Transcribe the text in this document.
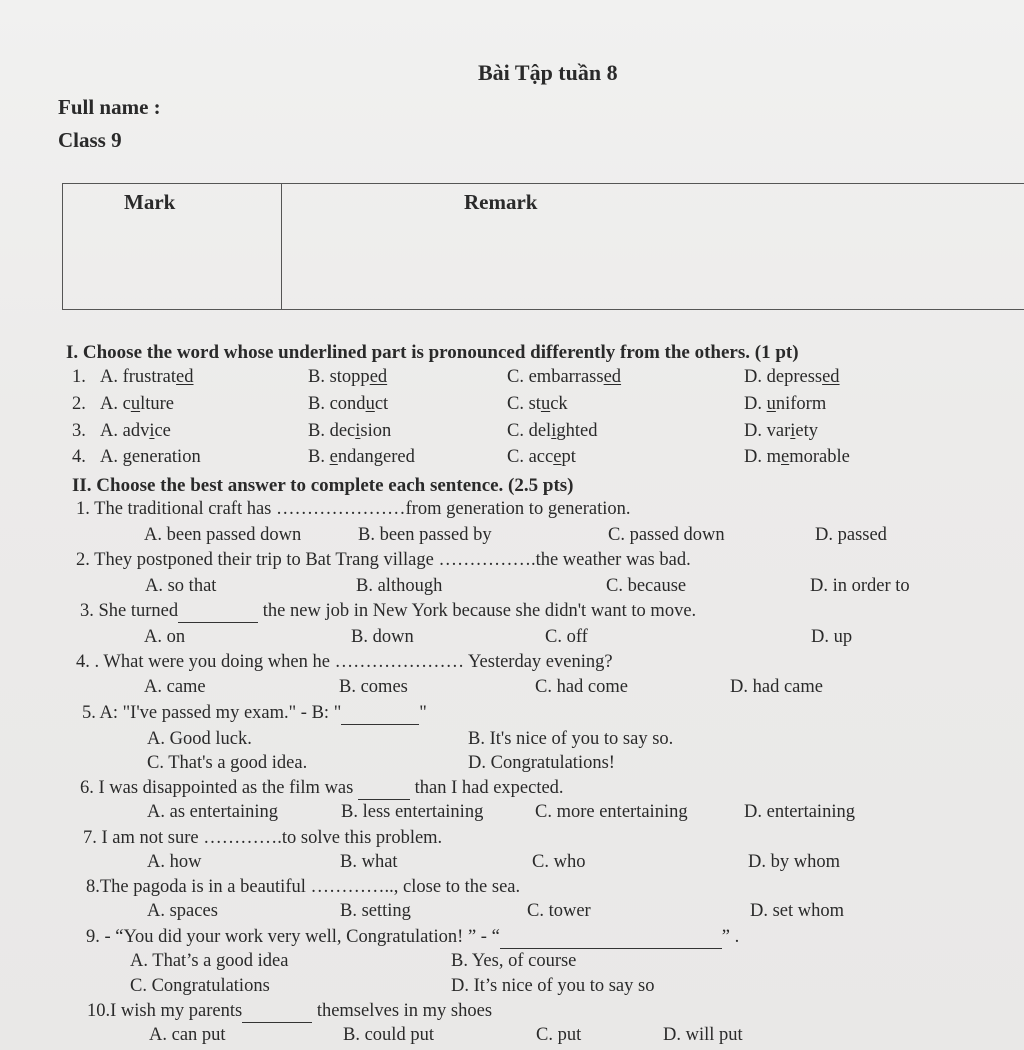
Bài Tập tuần 8
Full name :
Class 9
Mark	Remark
I. Choose the word whose underlined part is pronounced differently from the others. (1 pt)
1. A. frustrated	B. stopped	C. embarrassed	D. depressed
2. A. culture	B. conduct	C. stuck	D. uniform
3. A. advice	B. decision	C. delighted	D. variety
4. A. generation	B. endangered	C. accept	D. memorable
II. Choose the best answer to complete each sentence. (2.5 pts)
1. The traditional craft has …………………from generation to generation.
A. been passed down	B. been passed by	C. passed down	D. passed
2. They postponed their trip to Bat Trang village …………….the weather was bad.
A. so that	B. although	C. because	D. in order to
3. She turned	the new job in New York because she didn't want to move.
A. on	B. down	C. off	D. up
4. . What were you doing when he ………………… Yesterday evening?
A. came	B. comes	C. had come	D. had came
5. A: "I've passed my exam." - B: "	"
A. Good luck.	B. It's nice of you to say so.
C. That's a good idea.	D. Congratulations!
6. I was disappointed as the film was	than I had expected.
A. as entertaining	B. less entertaining	C. more entertaining	D. entertaining
7. I am not sure ………….to solve this problem.
A. how	B. what	C. who	D. by whom
8.The pagoda is in a beautiful ………….., close to the sea.
A. spaces	B. setting	C. tower	D. set whom
9. - “You did your work very well, Congratulation! ” - “	” .
A. That’s a good idea	B. Yes, of course
C. Congratulations	D. It’s nice of you to say so
10.I wish my parents	themselves in my shoes
A. can put	B. could put	C. put	D. will put
